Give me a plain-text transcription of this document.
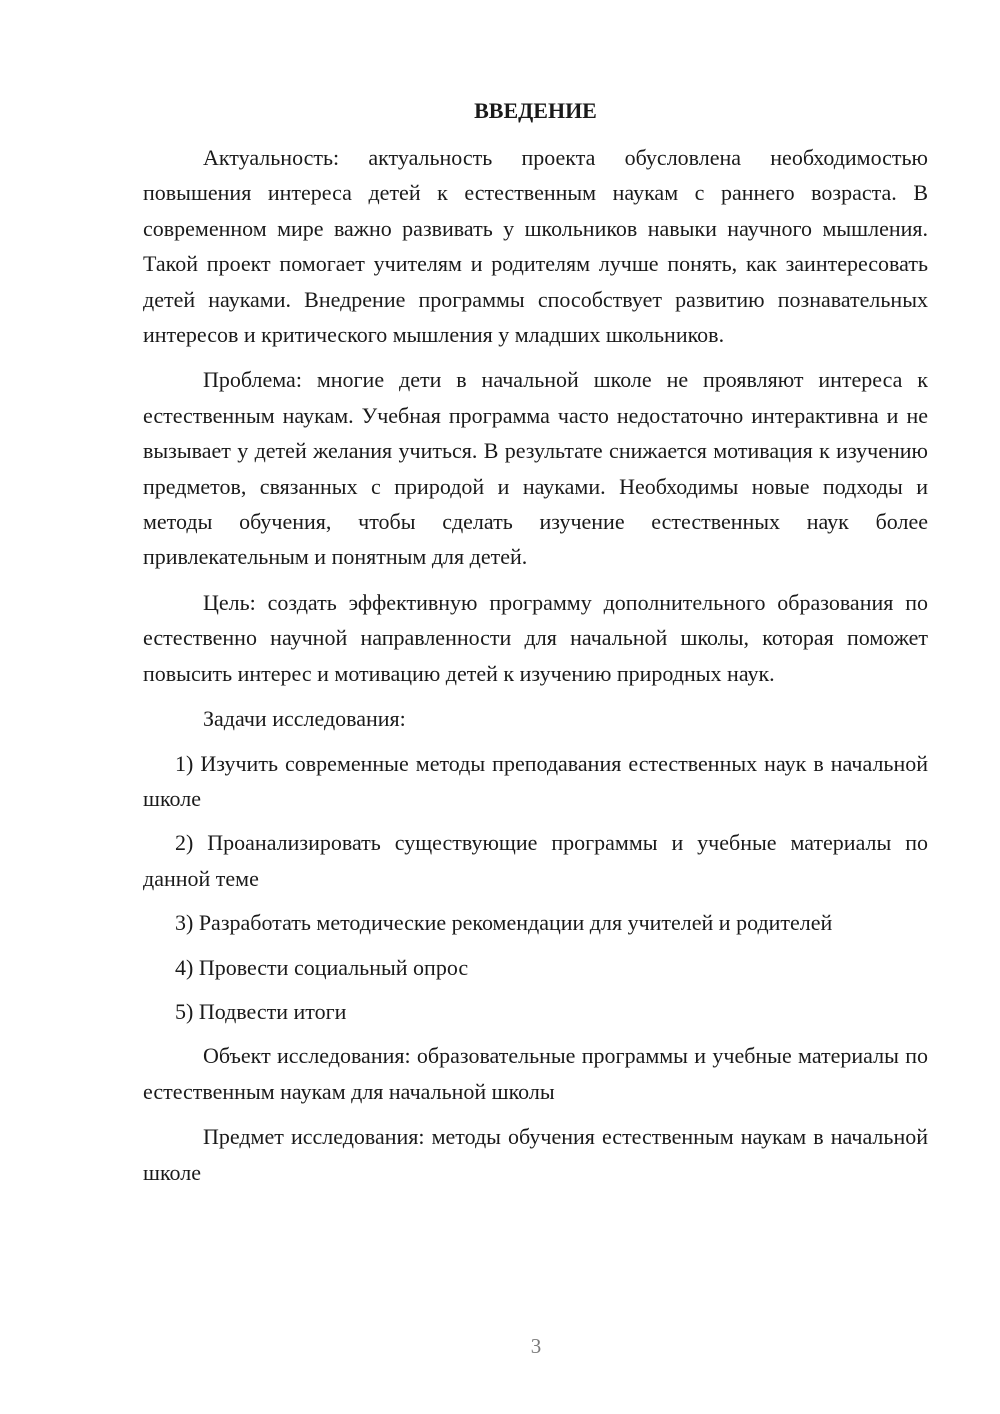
ВВЕДЕНИЕ

Актуальность: актуальность проекта обусловлена необходимостью повышения интереса детей к естественным наукам с раннего возраста. В современном мире важно развивать у школьников навыки научного мышления. Такой проект помогает учителям и родителям лучше понять, как заинтересовать детей науками. Внедрение программы способствует развитию познавательных интересов и критического мышления у младших школьников.

Проблема: многие дети в начальной школе не проявляют интереса к естественным наукам. Учебная программа часто недостаточно интерактивна и не вызывает у детей желания учиться. В результате снижается мотивация к изучению предметов, связанных с природой и науками. Необходимы новые подходы и методы обучения, чтобы сделать изучение естественных наук более привлекательным и понятным для детей.

Цель: создать эффективную программу дополнительного образования по естественно научной направленности для начальной школы, которая поможет повысить интерес и мотивацию детей к изучению природных наук.

Задачи исследования:

1) Изучить современные методы преподавания естественных наук в начальной школе

2) Проанализировать существующие программы и учебные материалы по данной теме

3) Разработать методические рекомендации для учителей и родителей

4) Провести социальный опрос

5) Подвести итоги

Объект исследования: образовательные программы и учебные материалы по естественным наукам для начальной школы

Предмет исследования: методы обучения естественным наукам в начальной школе

3
